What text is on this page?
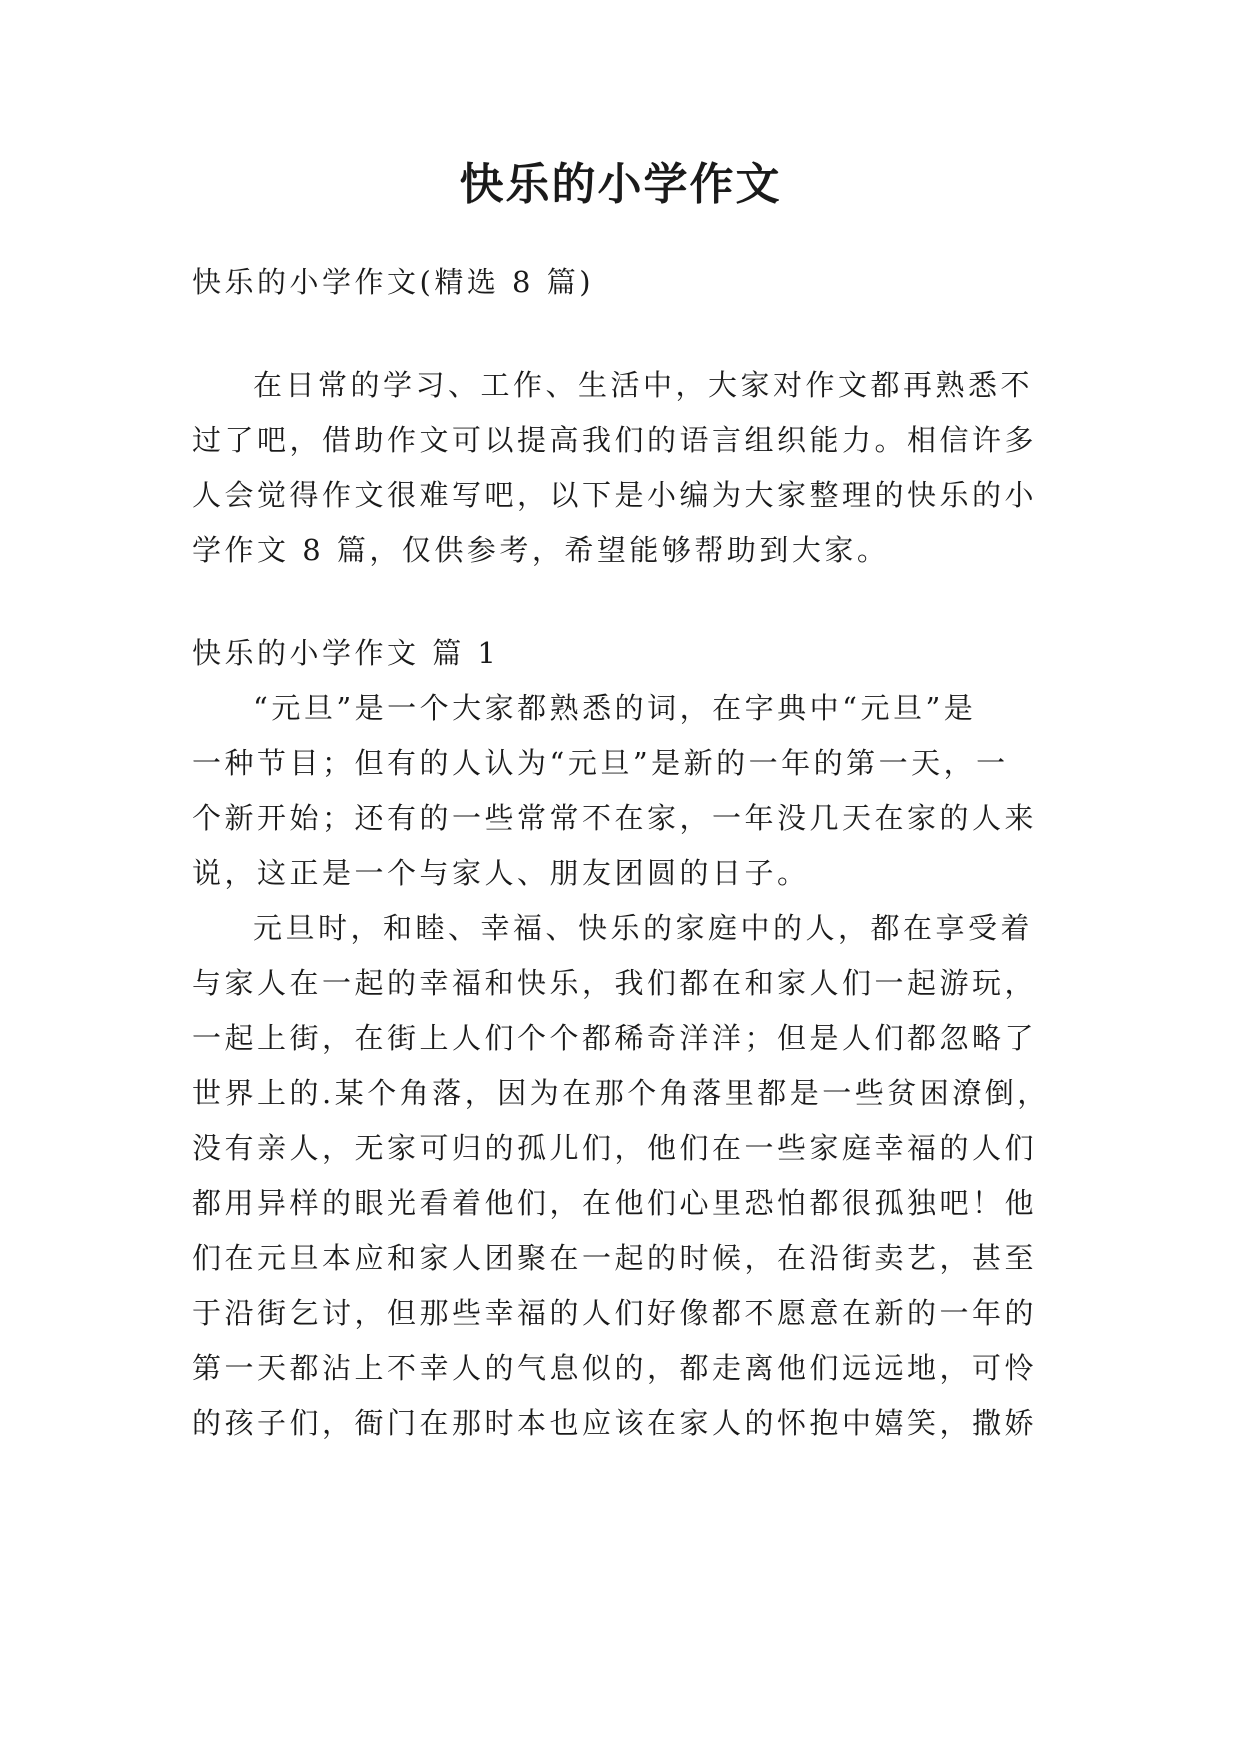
快乐的小学作文
快乐的小学作文(精选 8 篇)
在日常的学习、工作、生活中，大家对作文都再熟悉不
过了吧，借助作文可以提高我们的语言组织能力。相信许多
人会觉得作文很难写吧，以下是小编为大家整理的快乐的小
学作文 8 篇，仅供参考，希望能够帮助到大家。
快乐的小学作文 篇 1
“元旦”是一个大家都熟悉的词，在字典中“元旦”是
一种节目；但有的人认为“元旦”是新的一年的第一天，一
个新开始；还有的一些常常不在家，一年没几天在家的人来
说，这正是一个与家人、朋友团圆的日子。
元旦时，和睦、幸福、快乐的家庭中的人，都在享受着
与家人在一起的幸福和快乐，我们都在和家人们一起游玩，
一起上街，在街上人们个个都稀奇洋洋；但是人们都忽略了
世界上的.某个角落，因为在那个角落里都是一些贫困潦倒，
没有亲人，无家可归的孤儿们，他们在一些家庭幸福的人们
都用异样的眼光看着他们，在他们心里恐怕都很孤独吧！他
们在元旦本应和家人团聚在一起的时候，在沿街卖艺，甚至
于沿街乞讨，但那些幸福的人们好像都不愿意在新的一年的
第一天都沾上不幸人的气息似的，都走离他们远远地，可怜
的孩子们，衙门在那时本也应该在家人的怀抱中嬉笑，撒娇
